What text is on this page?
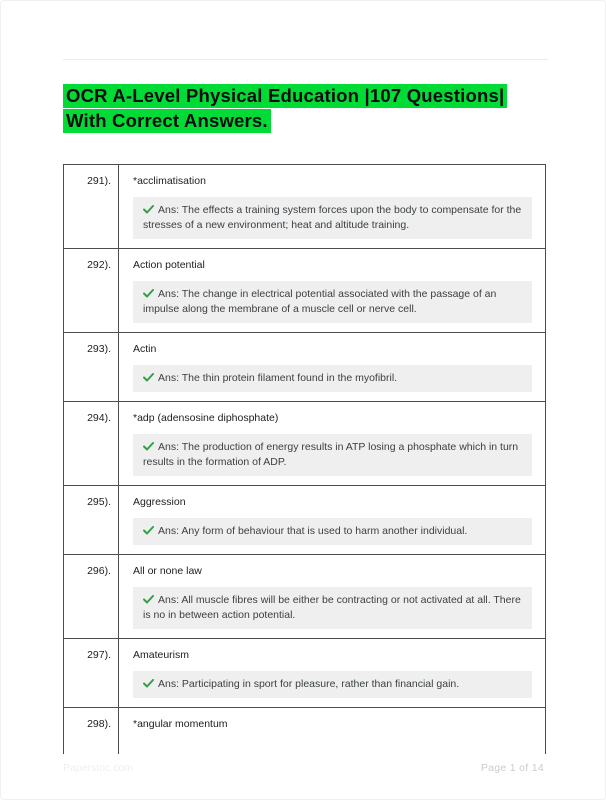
OCR A-Level Physical Education |107 Questions|
With Correct Answers.
291).	*acclimatisation
Ans: The effects a training system forces upon the body to compensate for the stresses of a new environment; heat and altitude training.
292).	Action potential
Ans: The change in electrical potential associated with the passage of an impulse along the membrane of a muscle cell or nerve cell.
293).	Actin
Ans: The thin protein filament found in the myofibril.
294).	*adp (adensosine diphosphate)
Ans: The production of energy results in ATP losing a phosphate which in turn results in the formation of ADP.
295).	Aggression
Ans: Any form of behaviour that is used to harm another individual.
296).	All or none law
Ans: All muscle fibres will be either be contracting or not activated at all. There is no in between action potential.
297).	Amateurism
Ans: Participating in sport for pleasure, rather than financial gain.
298).	*angular momentum
Paperstoc.com	Page 1 of 14
